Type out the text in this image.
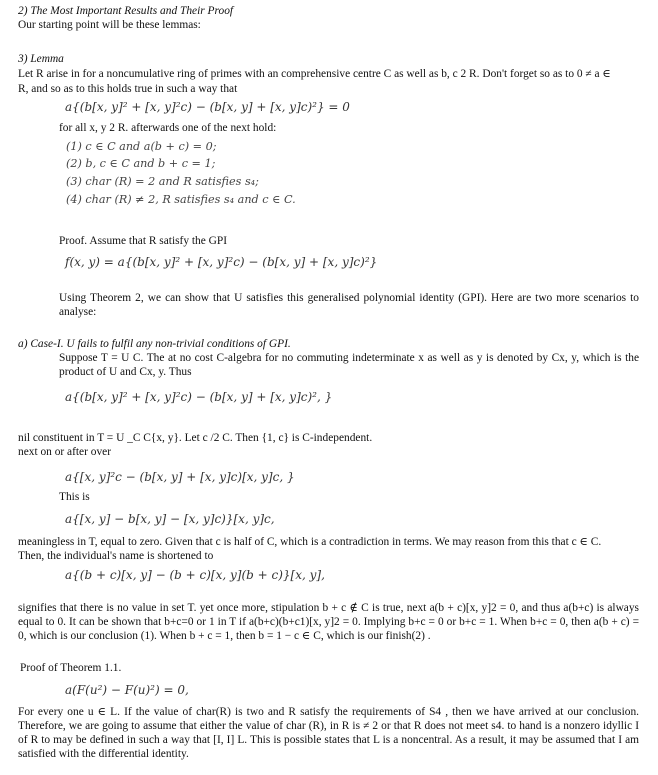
2) The Most Important Results and Their Proof
Our starting point will be these lemmas:
3) Lemma
Let R arise in for a noncumulative ring of primes with an comprehensive centre C as well as b, c 2 R. Don't forget so as to 0 ≠ a ∈
R, and so as to this holds true in such a way that
a{(b[x, y]² + [x, y]²c) − (b[x, y] + [x, y]c)²} = 0
for all x, y 2 R. afterwards one of the next hold:
(1) c ∈ C and a(b + c) = 0;
(2) b, c ∈ C and b + c = 1;
(3) char (R) = 2 and R satisfies s₄;
(4) char (R) ≠ 2, R satisfies s₄ and c ∈ C.
Proof. Assume that R satisfy the GPI
f(x, y) = a{(b[x, y]² + [x, y]²c) − (b[x, y] + [x, y]c)²}
Using Theorem 2, we can show that U satisfies this generalised polynomial identity (GPI). Here are two more scenarios to analyse:
a) Case-I. U fails to fulfil any non-trivial conditions of GPI.
Suppose T = U C. The at no cost C-algebra for no commuting indeterminate x as well as y is denoted by Cx, y, which is the product of U and Cx, y. Thus
a{(b[x, y]² + [x, y]²c) − (b[x, y] + [x, y]c)², }
nil constituent in T = U _C C{x, y}. Let c /2 C. Then {1, c} is C-independent.
next on or after over
a{[x, y]²c − (b[x, y] + [x, y]c)[x, y]c, }
This is
a{[x, y] − b[x, y] − [x, y]c)}[x, y]c,
meaningless in T, equal to zero. Given that c is half of C, which is a contradiction in terms. We may reason from this that c ∈ C.
Then, the individual's name is shortened to
a{(b + c)[x, y] − (b + c)[x, y](b + c)}[x, y],
signifies that there is no value in set T. yet once more, stipulation b + c ∉ C is true, next a(b + c)[x, y]2 = 0, and thus a(b+c) is always equal to 0. It can be shown that b+c=0 or 1 in T if a(b+c)(b+c1)[x, y]2 = 0. Implying b+c = 0 or b+c = 1. When b+c = 0, then a(b + c) = 0, which is our conclusion (1). When b + c = 1, then b = 1 − c ∈ C, which is our finish(2) .
Proof of Theorem 1.1.
a(F(u²) − F(u)²) = 0,
For every one u ∈ L. If the value of char(R) is two and R satisfy the requirements of S4 , then we have arrived at our conclusion. Therefore, we are going to assume that either the value of char (R), in R is ≠ 2 or that R does not meet s4. to hand is a nonzero idyllic I of R to may be defined in such a way that [I, I] L. This is possible states that L is a noncentral. As a result, it may be assumed that I am satisfied with the differential identity.
